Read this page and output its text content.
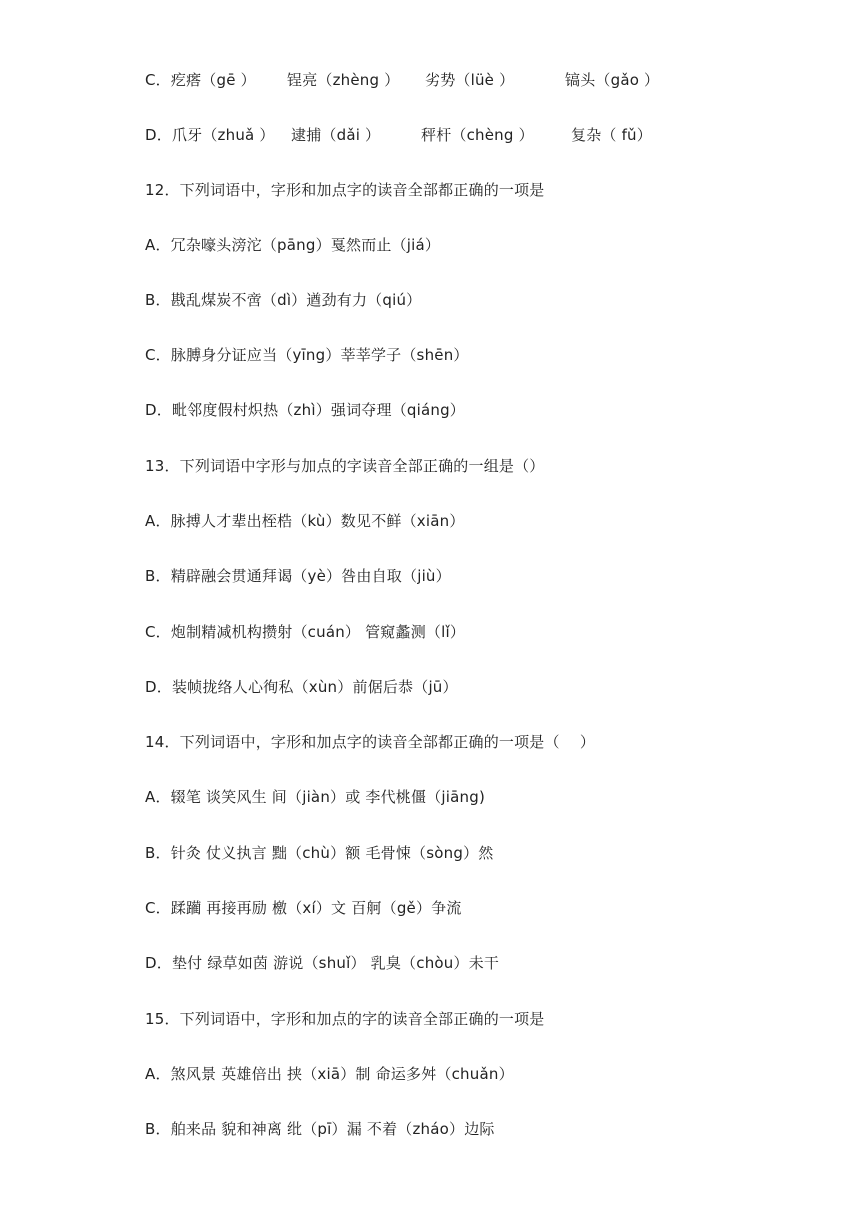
C．疙瘩（gē ） 锃亮（zhèng ） 劣势（lüè ）	镐头（gǎo ）
D．爪牙（zhuǎ ） 逮捕（dǎi ）	秤杆（chèng ） 复杂（ fǔ）
12．下列词语中，字形和加点字的读音全部都正确的一项是
A．冗杂嚎头滂沱（pāng）戛然而止（jiá）
B．戡乱煤炭不啻（dì）遒劲有力（qiú）
C．脉膊身分证应当（yīng）莘莘学子（shēn）
D．毗邻度假村炽热（zhì）强词夺理（qiáng）
13．下列词语中字形与加点的字读音全部正确的一组是（）
A．脉搏人才辈出桎梏（kù）数见不鲜（xiān）
B．精辟融会贯通拜谒（yè）咎由自取（jiù）
C．炮制精减机构攒射（cuán） 管窥蠡测（lǐ）
D．装帧拢络人心徇私（xùn）前倨后恭（jū）
14．下列词语中，字形和加点字的读音全部都正确的一项是（　 ）
A．辍笔 谈笑风生 间（jiàn）或 李代桃僵（jiāng)
B．针灸 仗义执言 黜（chù）额 毛骨悚（sòng）然
C．蹂躏 再接再励 檄（xí）文 百舸（gě）争流
D．垫付 绿草如茵 游说（shuǐ） 乳臭（chòu）未干
15．下列词语中，字形和加点的字的读音全部正确的一项是
A．煞风景 英雄倍出 挟（xiā）制 命运多舛（chuǎn）
B．舶来品 貌和神离 纰（pī）漏 不着（zháo）边际
